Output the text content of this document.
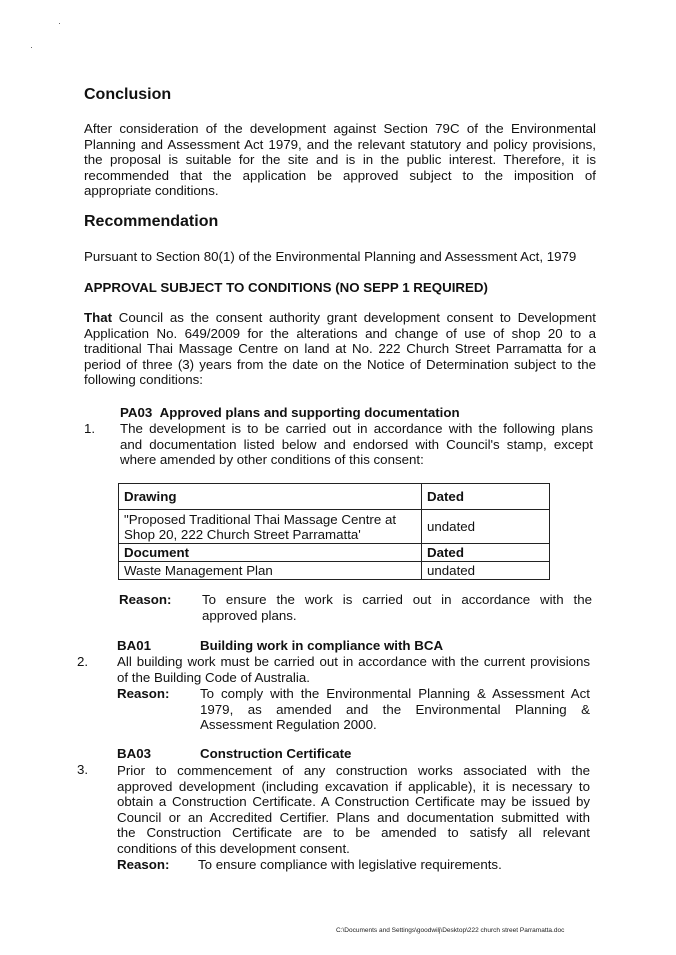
Conclusion
After consideration of the development against Section 79C of the Environmental
Planning and Assessment Act 1979, and the relevant statutory and policy provisions,
the proposal is suitable for the site and is in the public interest. Therefore, it is
recommended that the application be approved subject to the imposition of
appropriate conditions.
Recommendation
Pursuant to Section 80(1) of the Environmental Planning and Assessment Act, 1979
APPROVAL SUBJECT TO CONDITIONS (NO SEPP 1 REQUIRED)
That Council as the consent authority grant development consent to Development
Application No. 649/2009 for the alterations and change of use of shop 20 to a
traditional Thai Massage Centre on land at No. 222 Church Street Parramatta for a
period of three (3) years from the date on the Notice of Determination subject to the
following conditions:
PA03 Approved plans and supporting documentation
1. The development is to be carried out in accordance with the following plans
and documentation listed below and endorsed with Council's stamp, except
where amended by other conditions of this consent:
Drawing	Dated
"Proposed Traditional Thai Massage Centre at Shop 20, 222 Church Street Parramatta'	undated
Document	Dated
Waste Management Plan	undated
Reason: To ensure the work is carried out in accordance with the
approved plans.
BA01	Building work in compliance with BCA
2. All building work must be carried out in accordance with the current provisions
of the Building Code of Australia.
Reason: To comply with the Environmental Planning & Assessment Act
1979, as amended and the Environmental Planning &
Assessment Regulation 2000.
BA03	Construction Certificate
3. Prior to commencement of any construction works associated with the
approved development (including excavation if applicable), it is necessary to
obtain a Construction Certificate. A Construction Certificate may be issued by
Council or an Accredited Certifier. Plans and documentation submitted with
the Construction Certificate are to be amended to satisfy all relevant
conditions of this development consent.
Reason: To ensure compliance with legislative requirements.
C:\Documents and Settings\goodwilj\Desktop\222 church street Parramatta.doc
